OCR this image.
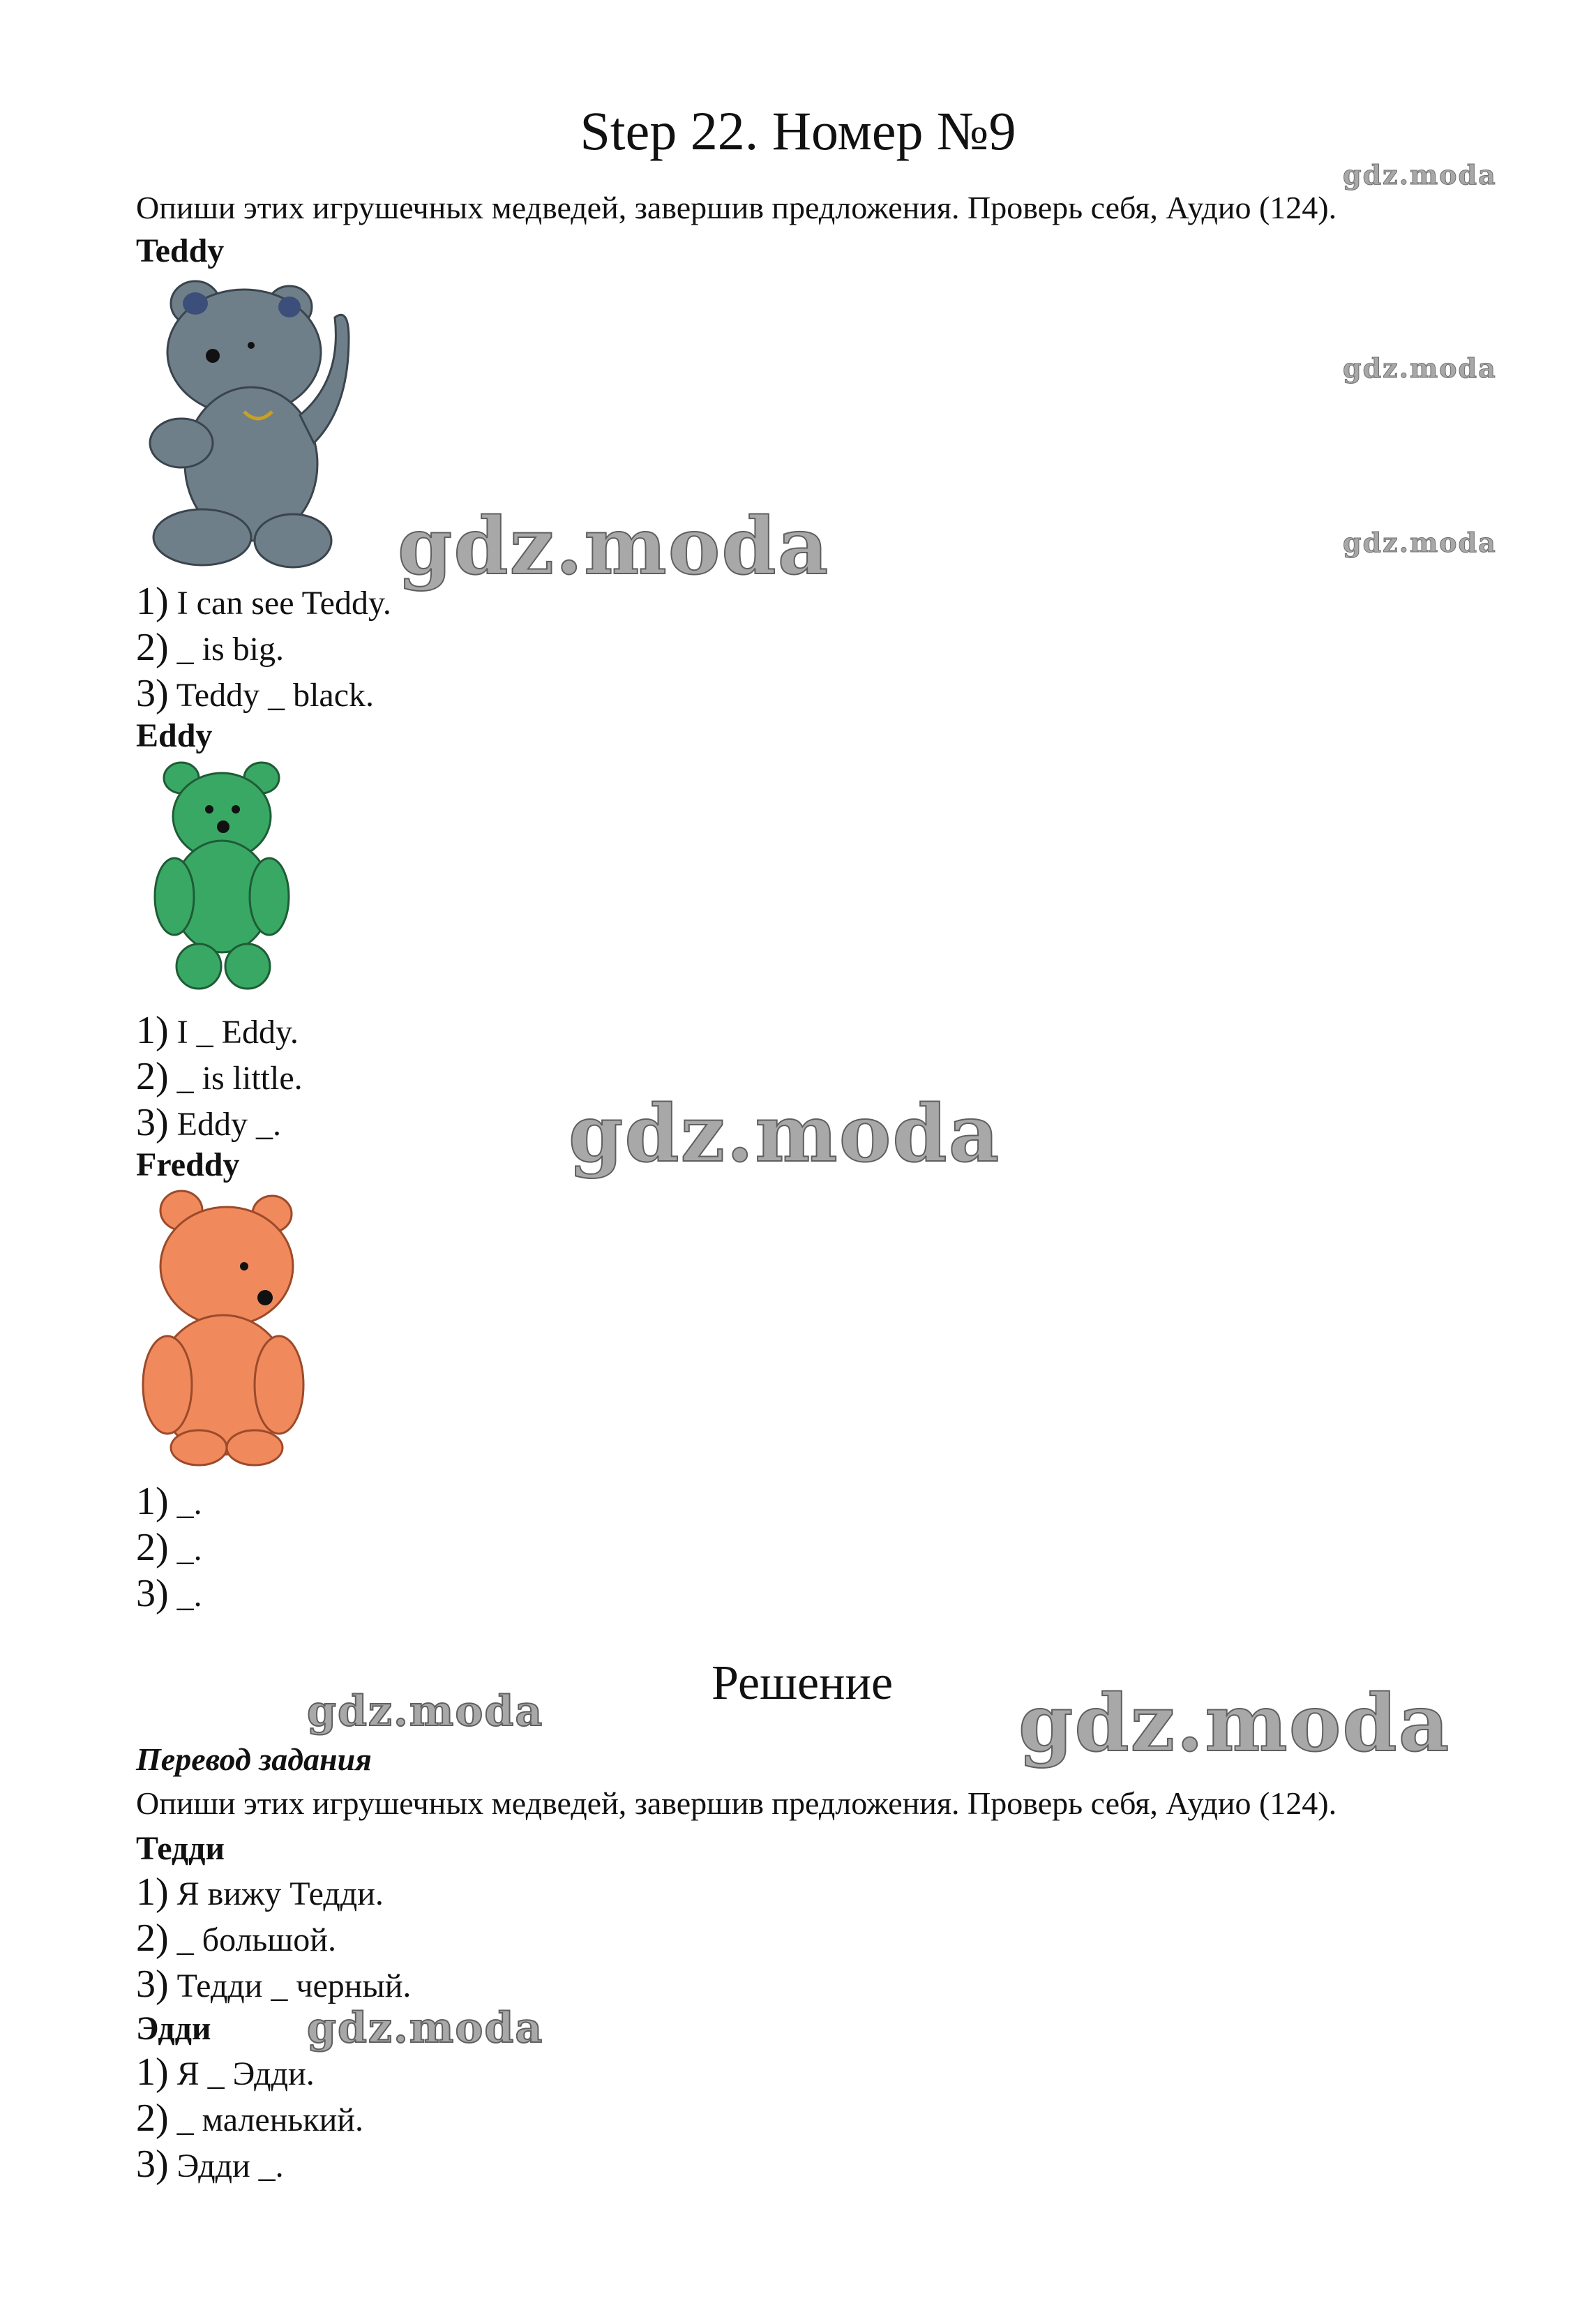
Step 22. Номер №9
gdz.moda
gdz.moda
gdz.moda
Опиши этих игрушечных медведей, завершив предложения. Проверь себя, Аудио (124).
Teddy
gdz.moda
1) I can see Teddy.
2) _ is big.
3) Teddy _ black.
Eddy
1) I _ Eddy.
2) _ is little.
3) Eddy _.	gdz.moda
Freddy
1) _.
2) _.
3) _.
Решение
gdz.moda	gdz.moda
Перевод задания
Опиши этих игрушечных медведей, завершив предложения. Проверь себя, Аудио (124).
Тедди
1) Я вижу Тедди.
2) _ большой.
3) Тедди _ черный.
Эдди gdz.moda
1) Я _ Эдди.
2) _ маленький.
3) Эдди _.
